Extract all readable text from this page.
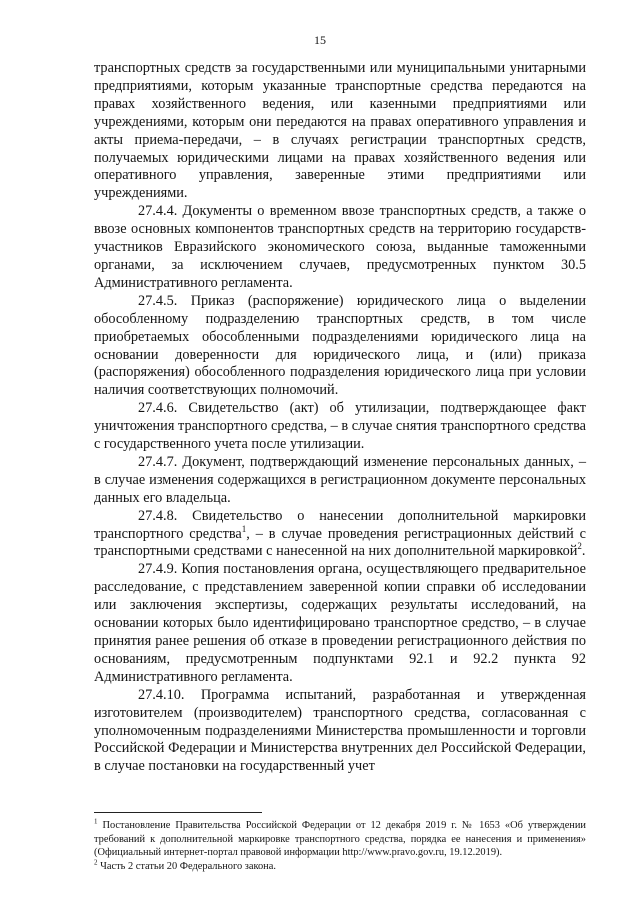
15

транспортных средств за государственными или муниципальными унитарными предприятиями, которым указанные транспортные средства передаются на правах хозяйственного ведения, или казенными предприятиями или учреждениями, которым они передаются на правах оперативного управления и акты приема-передачи, – в случаях регистрации транспортных средств, получаемых юридическими лицами на правах хозяйственного ведения или оперативного управления, заверенные этими предприятиями или учреждениями.

27.4.4. Документы о временном ввозе транспортных средств, а также о ввозе основных компонентов транспортных средств на территорию государств-участников Евразийского экономического союза, выданные таможенными органами, за исключением случаев, предусмотренных пунктом 30.5 Административного регламента.

27.4.5. Приказ (распоряжение) юридического лица о выделении обособленному подразделению транспортных средств, в том числе приобретаемых обособленными подразделениями юридического лица на основании доверенности для юридического лица, и (или) приказа (распоряжения) обособленного подразделения юридического лица при условии наличия соответствующих полномочий.

27.4.6. Свидетельство (акт) об утилизации, подтверждающее факт уничтожения транспортного средства, – в случае снятия транспортного средства с государственного учета после утилизации.

27.4.7. Документ, подтверждающий изменение персональных данных, – в случае изменения содержащихся в регистрационном документе персональных данных его владельца.

27.4.8. Свидетельство о нанесении дополнительной маркировки транспортного средства$^1$, – в случае проведения регистрационных действий с транспортными средствами с нанесенной на них дополнительной маркировкой$^2$.

27.4.9. Копия постановления органа, осуществляющего предварительное расследование, с представлением заверенной копии справки об исследовании или заключения экспертизы, содержащих результаты исследований, на основании которых было идентифицировано транспортное средство, – в случае принятия ранее решения об отказе в проведении регистрационного действия по основаниям, предусмотренным подпунктами 92.1 и 92.2 пункта 92 Административного регламента.

27.4.10. Программа испытаний, разработанная и утвержденная изготовителем (производителем) транспортного средства, согласованная с уполномоченным подразделениями Министерства промышленности и торговли Российской Федерации и Министерства внутренних дел Российской Федерации, в случае постановки на государственный учет

$^1$ Постановление Правительства Российской Федерации от 12 декабря 2019 г. № 1653 «Об утверждении требований к дополнительной маркировке транспортного средства, порядка ее нанесения и применения» (Официальный интернет-портал правовой информации http://www.pravo.gov.ru, 19.12.2019).

$^2$ Часть 2 статьи 20 Федерального закона.
